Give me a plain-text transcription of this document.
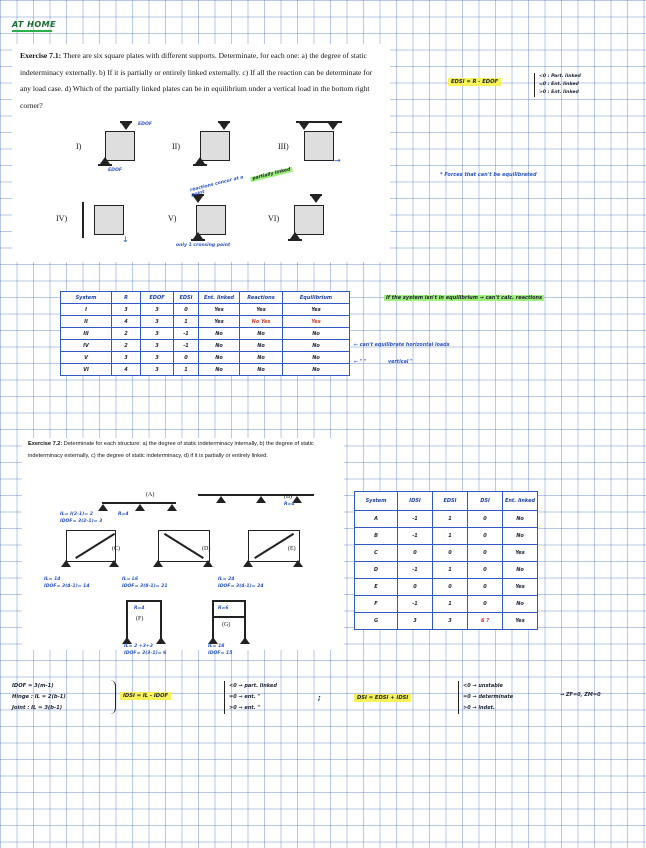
AT HOME
Exercise 7.1: There are six square plates with different supports. Determinate, for each one: a) the degree of static indeterminacy externally. b) If it is partially or entirely linked externally. c) If all the reaction can be determinate for any load case. d) Which of the partially linked plates can be in equilibrium under a vertical load in the bottom right corner?
I)
EDOF
EDOF
II)	III)
→
IV)
↓
V)
reactions concur at a point
partially linked
only 1 crossing point
VI)
EDSI = R - EDOF
<0 : Part. linked
=0 : Ent. linked
>0 : Ent. linked
* Forces that can't be equilibrated
System	R	EDOF	EDSI	Ent. linked	Reactions	Equilibrium
I	3	3	0	Yes	Yes	Yes
II	4	3	1	Yes	No Yes	Yes
III	2	3	-1	No	No	No
IV	2	3	-1	No	No	No
V	3	3	0	No	No	No
VI	4	3	1	No	No	No
If the system isn't in equilibrium → can't calc. reactions
← can't equilibrate horizontal loads
← " "	vertical "
Exercise 7.2: Determinate for each structure: a) the degree of static indeterminacy internally, b) the degree of static indeterminacy externally, c) the degree of static indeterminacy, d) if it is partially or entirely linked.
(A)
IL= I(2-1)= 2
IDOF= 3(2-1)= 3
R=4
(B)
R=4
(C)
IL= 14
IDOF= 3(4-1)= 14
(D)
IL= L6
IDOF= 3(8-1)= 21
(E)
IL= 24
IDOF= 3(4-1)= 24
(F)
R=4
IL= 2 +3+3
(G)
R=6
IL= 18
IDOF= 3(3-1)= 6	IDOF= 15
System	IDSI	EDSI	DSI	Ent. linked
A	-1	1	0	No
B	-1	1	0	No
C	0	0	0	Yes
D	-1	1	0	No
E	0	0	0	Yes
F	-1	1	0	No
G	3	3	6 ?	Yes
IDOF = 3(m-1)
Hinge : IL = 2(b-1)
Joint : IL = 3(b-1)
IDSI = IL - IDOF
<0 → part. linked
=0 → ent. "
>0 → ent. "
;	DSI = EDSI + IDSI
<0 → unstable
=0 → determinate
>0 → indet.
→ ZF=0, ZM=0
